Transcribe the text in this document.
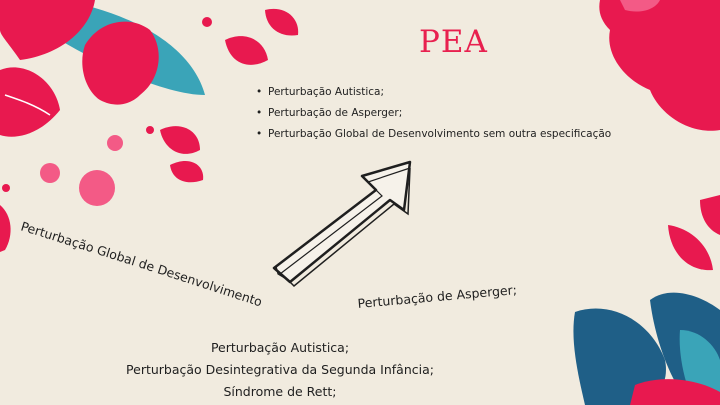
PEA
• Perturbação Autistica;
• Perturbação de Asperger;
• Perturbação Global de Desenvolvimento sem outra especificação
Perturbação Global de Desenvolvimento	Perturbação de Asperger;

Perturbação Autistica;
Perturbação Desintegrativa da Segunda Infância;
Síndrome de Rett;
